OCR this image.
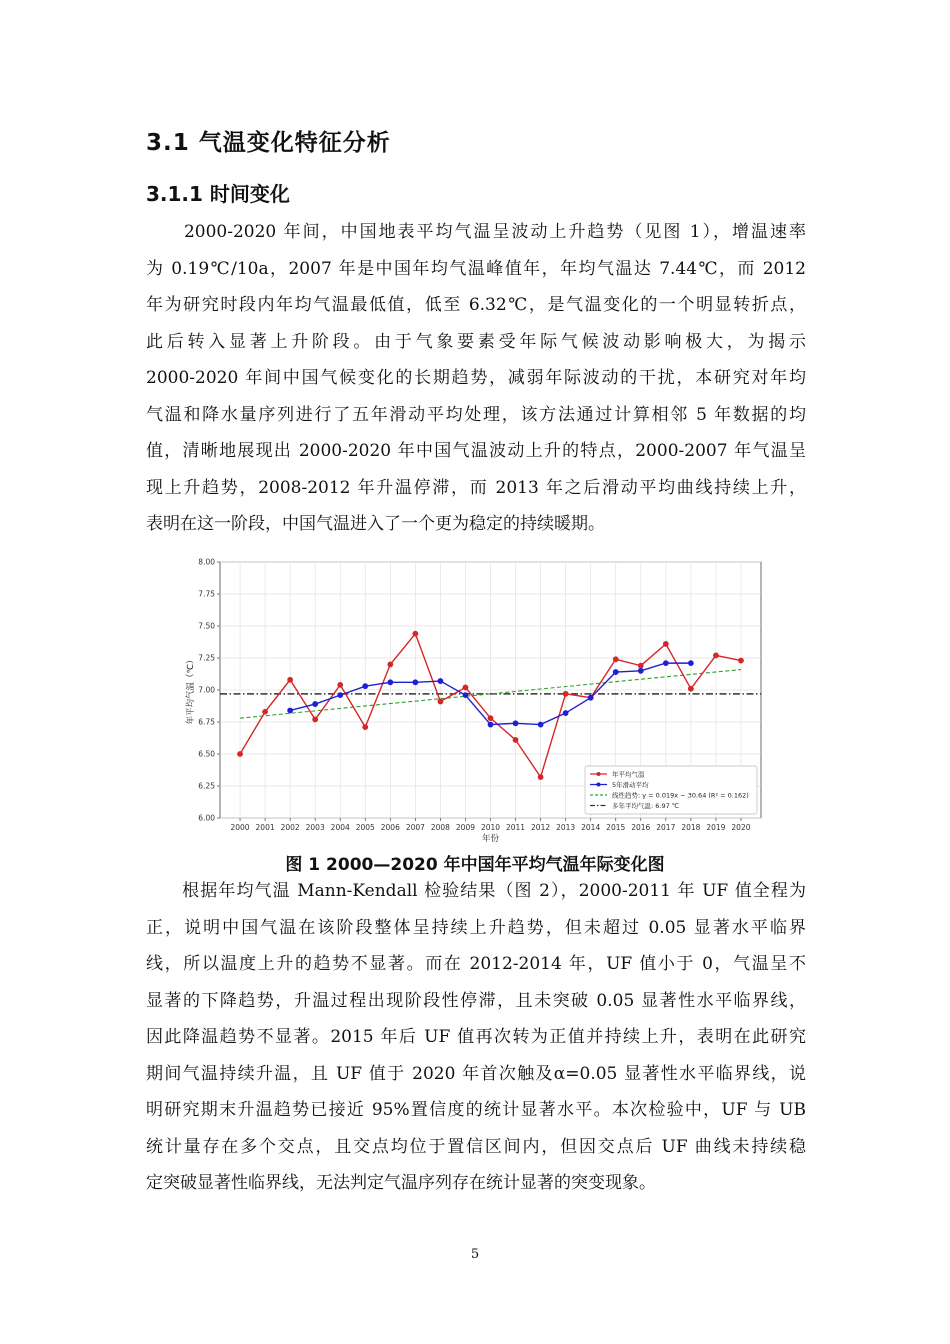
3.1 气温变化特征分析
3.1.1 时间变化
　　2000-2020 年间，中国地表平均气温呈波动上升趋势（见图 1），增温速率
为 0.19℃/10a，2007 年是中国年均气温峰值年，年均气温达 7.44℃，而 2012
年为研究时段内年均气温最低值，低至 6.32℃，是气温变化的一个明显转折点，
此后转入显著上升阶段。由于气象要素受年际气候波动影响极大，为揭示
2000-2020 年间中国气候变化的长期趋势，减弱年际波动的干扰，本研究对年均
气温和降水量序列进行了五年滑动平均处理，该方法通过计算相邻 5 年数据的均
值，清晰地展现出 2000-2020 年中国气温波动上升的特点，2000-2007 年气温呈
现上升趋势，2008-2012 年升温停滞，而 2013 年之后滑动平均曲线持续上升，
表明在这一阶段，中国气温进入了一个更为稳定的持续暖期。
6.00
6.25
6.50
6.75
7.00
7.25
7.50
7.75
8.00
2000 2001 2002 2003 2004 2005 2006 2007 2008 2009 2010 2011 2012 2013 2014 2015 2016 2017 2018 2019 2020
年份
年平均气温（℃）
年平均气温
5年滑动平均
线性趋势: y = 0.019x − 30.64 (R² = 0.162)
多年平均气温: 6.97 ℃
图 1 2000—2020 年中国年平均气温年际变化图
　　根据年均气温 Mann-Kendall 检验结果（图 2），2000-2011 年 UF 值全程为
正，说明中国气温在该阶段整体呈持续上升趋势，但未超过 0.05 显著水平临界
线，所以温度上升的趋势不显著。而在 2012-2014 年，UF 值小于 0，气温呈不
显著的下降趋势，升温过程出现阶段性停滞，且未突破 0.05 显著性水平临界线，
因此降温趋势不显著。2015 年后 UF 值再次转为正值并持续上升，表明在此研究
期间气温持续升温，且 UF 值于 2020 年首次触及α=0.05 显著性水平临界线，说
明研究期末升温趋势已接近 95%置信度的统计显著水平。本次检验中，UF 与 UB
统计量存在多个交点，且交点均位于置信区间内，但因交点后 UF 曲线未持续稳
定突破显著性临界线，无法判定气温序列存在统计显著的突变现象。
5
